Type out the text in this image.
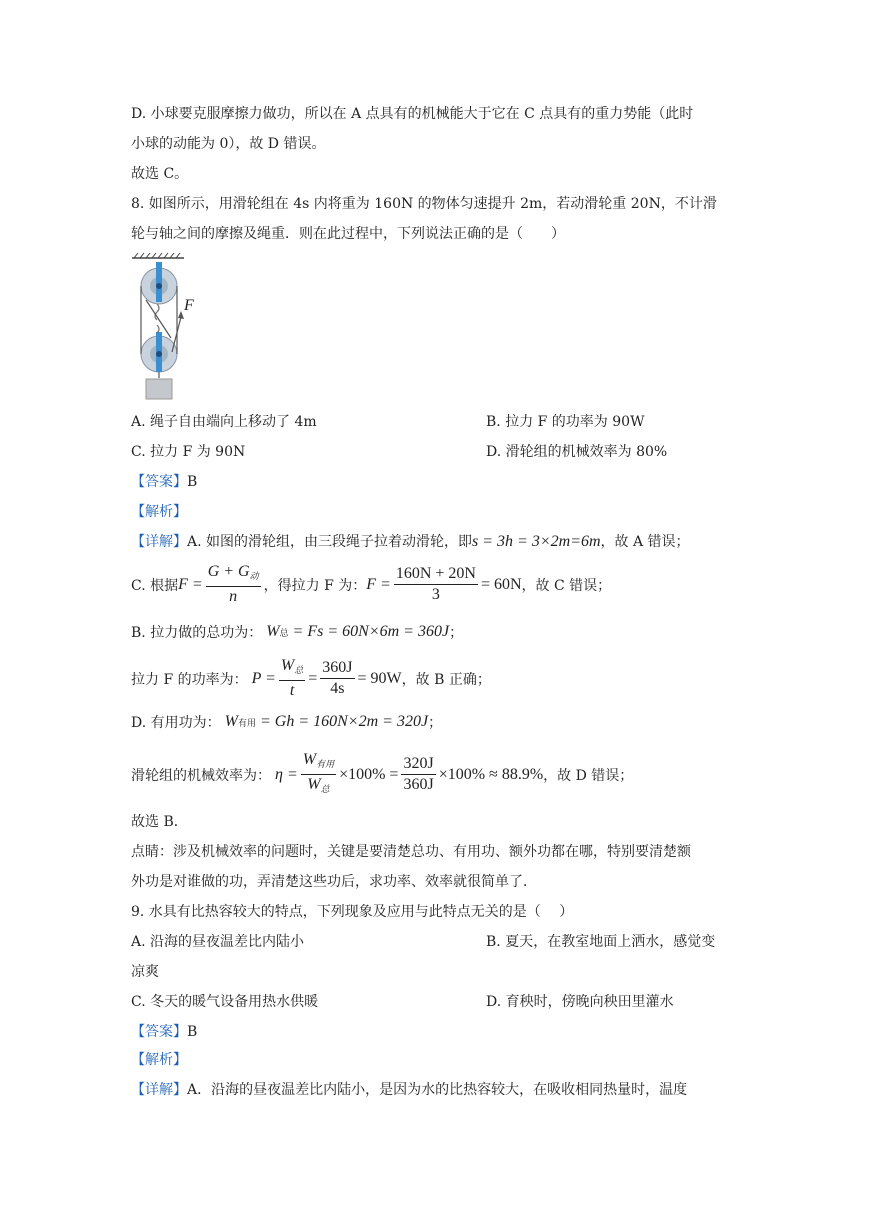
D. 小球要克服摩擦力做功，所以在 A 点具有的机械能大于它在 C 点具有的重力势能（此时
小球的动能为 0），故 D 错误。
故选 C。
8. 如图所示，用滑轮组在 4s 内将重为 160N 的物体匀速提升 2m，若动滑轮重 20N，不计滑
轮与轴之间的摩擦及绳重．则在此过程中，下列说法正确的是（　　）
F
A. 绳子自由端向上移动了 4m	B. 拉力 F 的功率为 90W
C. 拉力 F 为 90N	D. 滑轮组的机械效率为 80%
【答案】B
【解析】
【详解】A. 如图的滑轮组，由三段绳子拉着动滑轮，即s = 3h = 3×2m=6m，故 A 错误；
C. 根据 $F = \frac{G + G_动}{n}$ ，得拉力 F 为： $F = \frac{160N + 20N}{3} = 60N$ ，故 C 错误；
B. 拉力做的总功为： W 总 = Fs = 60N×6m = 360J ；
拉力 F 的功率为： $P = \frac{W_总}{t} = \frac{360J}{4s} = 90W$ ，故 B 正确；
D. 有用功为： W 有用 = Gh = 160N×2m = 320J ；
滑轮组的机械效率为： $\eta = \frac{W_{有用}}{W_总} \times 100\% = \frac{320J}{360J} \times 100\% \approx 88.9\%$ ，故 D 错误；
故选 B．
点睛：涉及机械效率的问题时，关键是要清楚总功、有用功、额外功都在哪，特别要清楚额
外功是对谁做的功，弄清楚这些功后，求功率、效率就很简单了．
9. 水具有比热容较大的特点，下列现象及应用与此特点无关的是（　 ）
A. 沿海的昼夜温差比内陆小	B. 夏天，在教室地面上洒水，感觉变
凉爽
C. 冬天的暖气设备用热水供暖	D. 育秧时，傍晚向秧田里灌水
【答案】B
【解析】
【详解】A．沿海的昼夜温差比内陆小，是因为水的比热容较大，在吸收相同热量时，温度
